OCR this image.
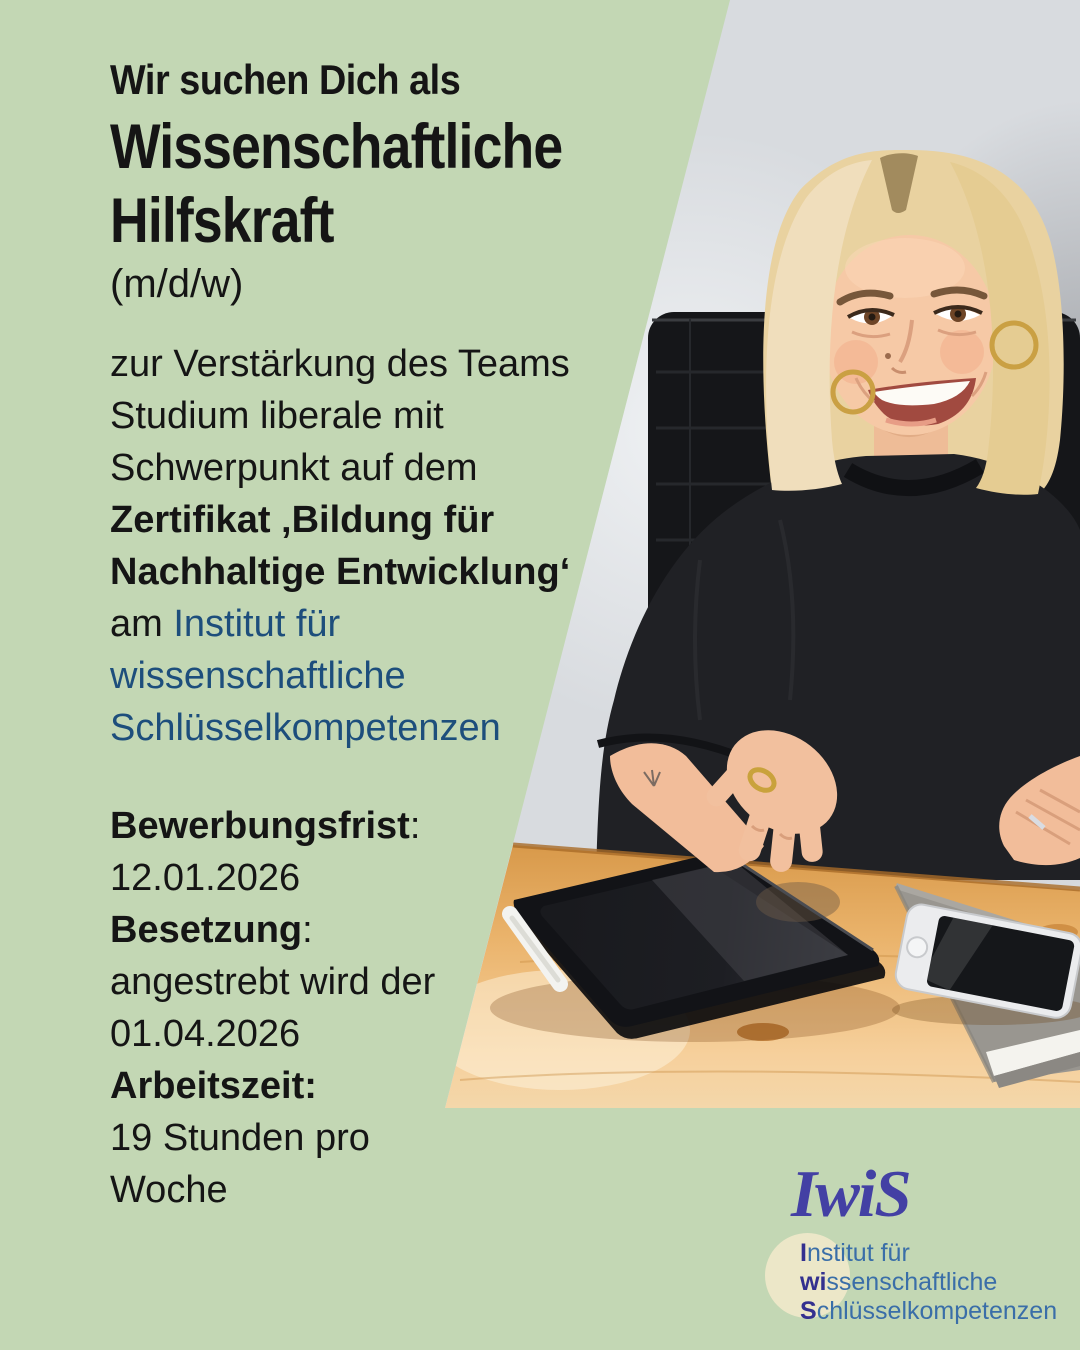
Wir suchen Dich als
Wissenschaftliche
Hilfskraft
(m/d/w)
zur Verstärkung des Teams
Studium liberale mit
Schwerpunkt auf dem
Zertifikat ‚Bildung für
Nachhaltige Entwicklung‘
am Institut für
wissenschaftliche
Schlüsselkompetenzen
Bewerbungsfrist:
12.01.2026
Besetzung:
angestrebt wird der
01.04.2026
Arbeitszeit:
19 Stunden pro
Woche	IwiS
Institut für
wissenschaftliche
Schlüsselkompetenzen
